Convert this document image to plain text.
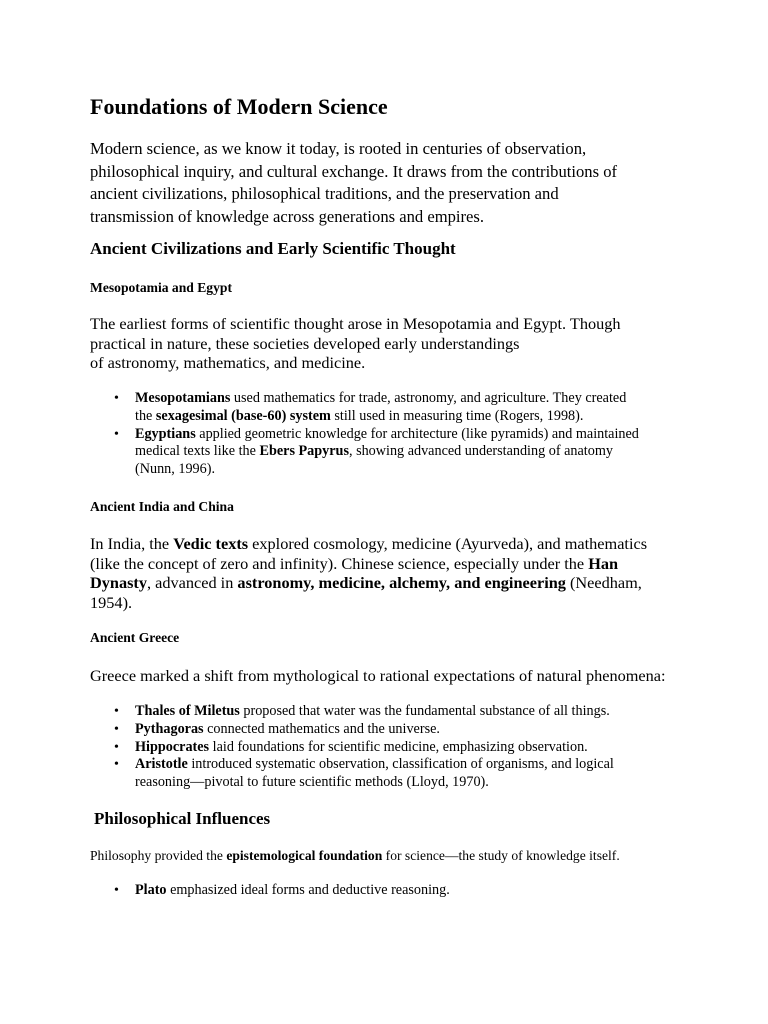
Foundations of Modern Science

Modern science, as we know it today, is rooted in centuries of observation,
philosophical inquiry, and cultural exchange. It draws from the contributions of
ancient civilizations, philosophical traditions, and the preservation and
transmission of knowledge across generations and empires.

Ancient Civilizations and Early Scientific Thought
Mesopotamia and Egypt

The earliest forms of scientific thought arose in Mesopotamia and Egypt. Though
practical in nature, these societies developed early understandings
of astronomy, mathematics, and medicine.

• Mesopotamians used mathematics for trade, astronomy, and agriculture. They created
the sexagesimal (base-60) system still used in measuring time (Rogers, 1998).
• Egyptians applied geometric knowledge for architecture (like pyramids) and maintained
medical texts like the Ebers Papyrus, showing advanced understanding of anatomy
(Nunn, 1996).
Ancient India and China

In India, the Vedic texts explored cosmology, medicine (Ayurveda), and mathematics
(like the concept of zero and infinity). Chinese science, especially under the Han
Dynasty, advanced in astronomy, medicine, alchemy, and engineering (Needham,
1954).

Ancient Greece

Greece marked a shift from mythological to rational expectations of natural phenomena:

• Thales of Miletus proposed that water was the fundamental substance of all things.
• Pythagoras connected mathematics and the universe.
• Hippocrates laid foundations for scientific medicine, emphasizing observation.
• Aristotle introduced systematic observation, classification of organisms, and logical
reasoning—pivotal to future scientific methods (Lloyd, 1970).
Philosophical Influences

Philosophy provided the epistemological foundation for science—the study of knowledge itself.

• Plato emphasized ideal forms and deductive reasoning.
